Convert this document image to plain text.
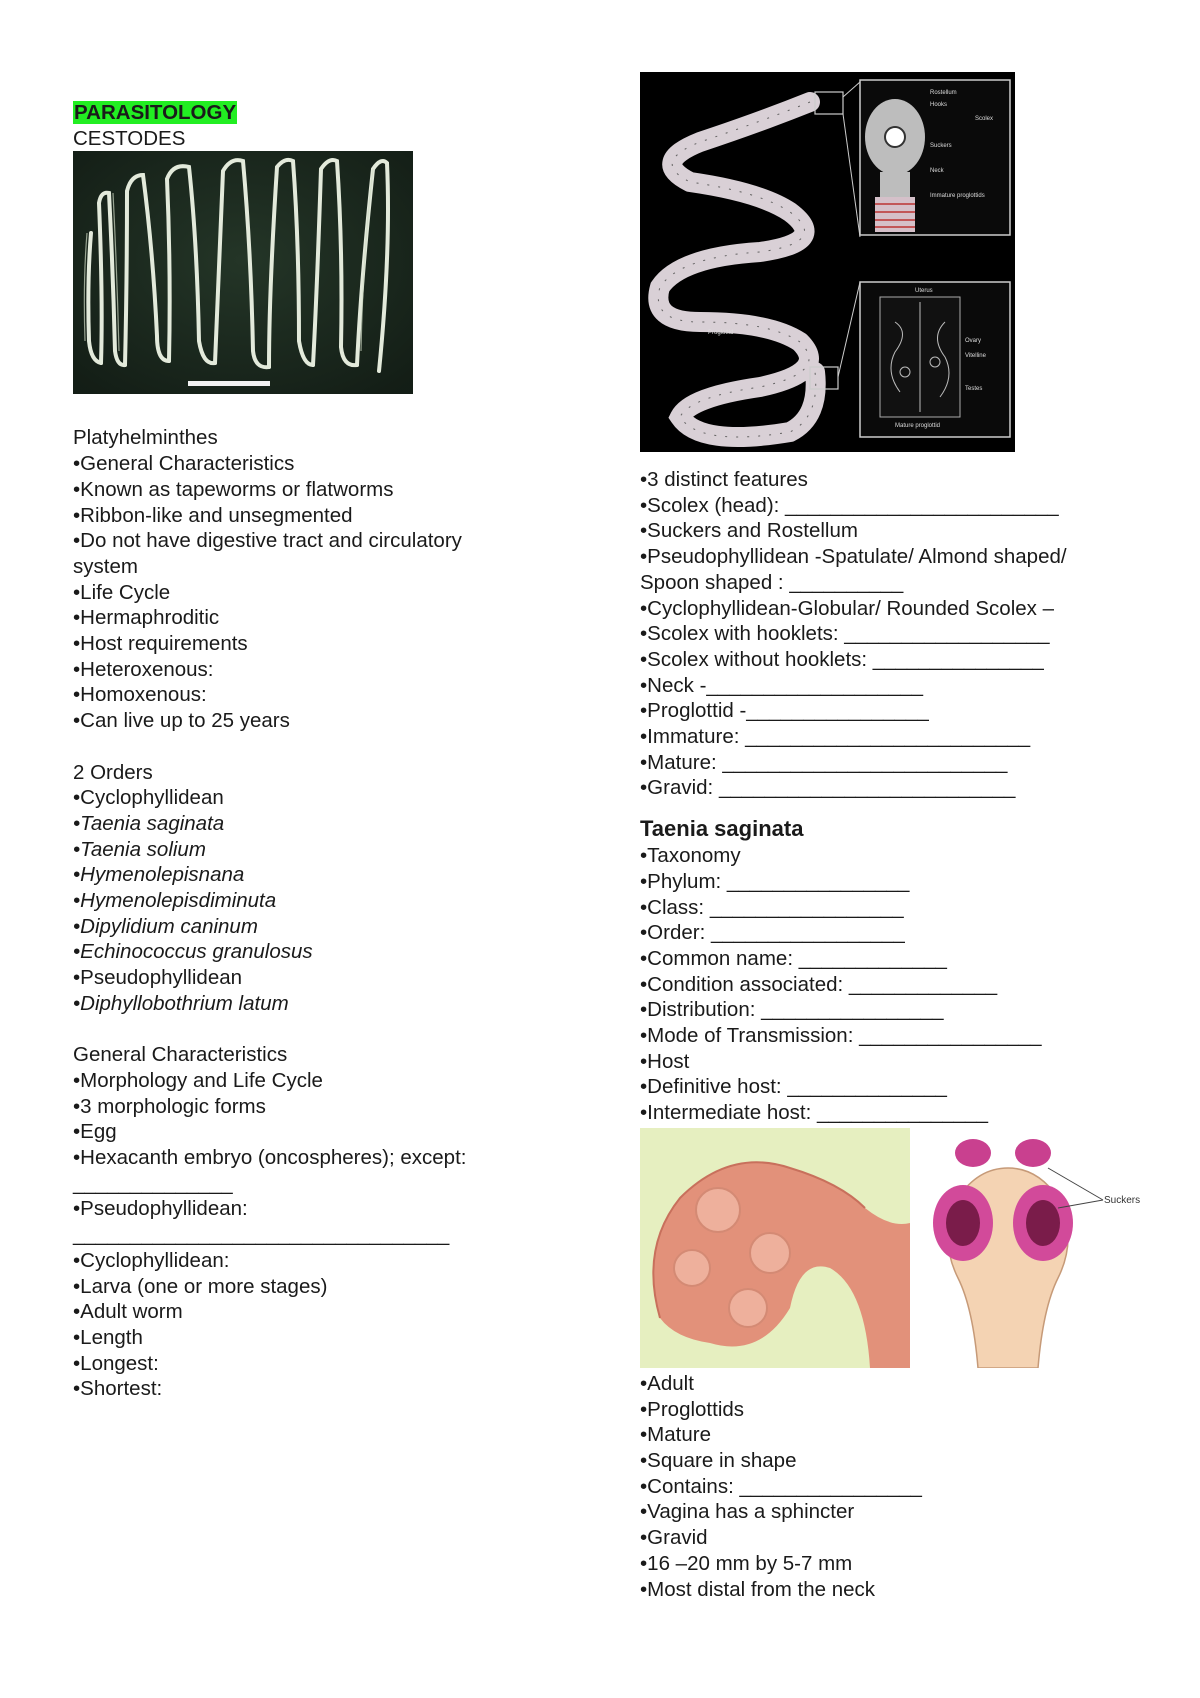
PARASITOLOGY
CESTODES
Platyhelminthes
•General Characteristics
•Known as tapeworms or flatworms
•Ribbon-like and unsegmented
•Do not have digestive tract and circulatory
system
•Life Cycle
•Hermaphroditic
•Host requirements
•Heteroxenous:
•Homoxenous:
•Can live up to 25 years
2 Orders
•Cyclophyllidean
•Taenia saginata
•Taenia solium
•Hymenolepisnana
•Hymenolepisdiminuta
•Dipylidium caninum
•Echinococcus granulosus
•Pseudophyllidean
•Diphyllobothrium latum
General Characteristics
•Morphology and Life Cycle
•3 morphologic forms
•Egg
•Hexacanth embryo (oncospheres); except:
______________
•Pseudophyllidean:
_________________________________
•Cyclophyllidean:
•Larva (one or more stages)
•Adult worm
•Length
•Longest:
•Shortest:
Rostellum
Hooks
Scolex
Suckers
Neck
Immature proglottids
Proglottid
Uterus
Ovary
Vitelline
Testes
Mature proglottid
•3 distinct features
•Scolex (head): ________________________
•Suckers and Rostellum
•Pseudophyllidean -Spatulate/ Almond shaped/
Spoon shaped : __________
•Cyclophyllidean-Globular/ Rounded Scolex –
•Scolex with hooklets: __________________
•Scolex without hooklets: _______________
•Neck -___________________
•Proglottid -________________
•Immature: _________________________
•Mature: _________________________
•Gravid: __________________________
Taenia saginata
•Taxonomy
•Phylum: ________________
•Class: _________________
•Order: _________________
•Common name: _____________
•Condition associated: _____________
•Distribution: ________________
•Mode of Transmission: ________________
•Host
•Definitive host: ______________
•Intermediate host: _______________
Suckers
•Adult
•Proglottids
•Mature
•Square in shape
•Contains: ________________
•Vagina has a sphincter
•Gravid
•16 –20 mm by 5-7 mm
•Most distal from the neck
